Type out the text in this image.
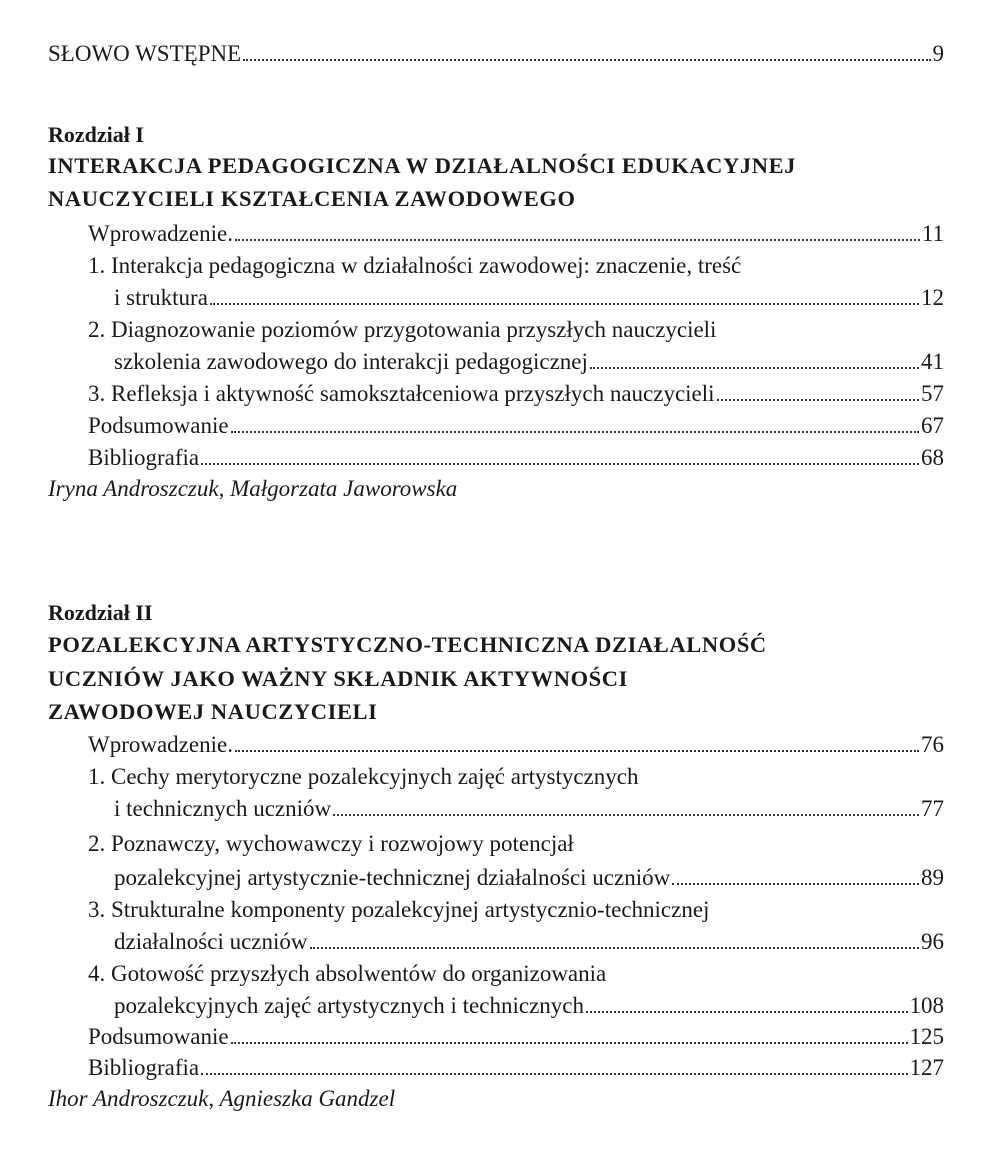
SŁOWO WSTĘPNE	9
Rozdział I
INTERAKCJA PEDAGOGICZNA W DZIAŁALNOŚCI EDUKACYJNEJ
NAUCZYCIELI KSZTAŁCENIA ZAWODOWEGO
Wprowadzenie.	11
1. Interakcja pedagogiczna w działalności zawodowej: znaczenie, treść
i struktura	12
2. Diagnozowanie poziomów przygotowania przyszłych nauczycieli
szkolenia zawodowego do interakcji pedagogicznej	41
3. Refleksja i aktywność samokształceniowa przyszłych nauczycieli	57
Podsumowanie	67
Bibliografia	68
Iryna Androszczuk, Małgorzata Jaworowska
Rozdział II
POZALEKCYJNA ARTYSTYCZNO-TECHNICZNA DZIAŁALNOŚĆ
UCZNIÓW JAKO WAŻNY SKŁADNIK AKTYWNOŚCI
ZAWODOWEJ NAUCZYCIELI
Wprowadzenie.	76
1. Cechy merytoryczne pozalekcyjnych zajęć artystycznych
i technicznych uczniów	77
2. Poznawczy, wychowawczy i rozwojowy potencjał
pozalekcyjnej artystycznie-technicznej działalności uczniów	89
3. Strukturalne komponenty pozalekcyjnej artystycznio-technicznej
działalności uczniów	96
4. Gotowość przyszłych absolwentów do organizowania
pozalekcyjnych zajęć artystycznych i technicznych	108
Podsumowanie	125
Bibliografia	127
Ihor Androszczuk, Agnieszka Gandzel
